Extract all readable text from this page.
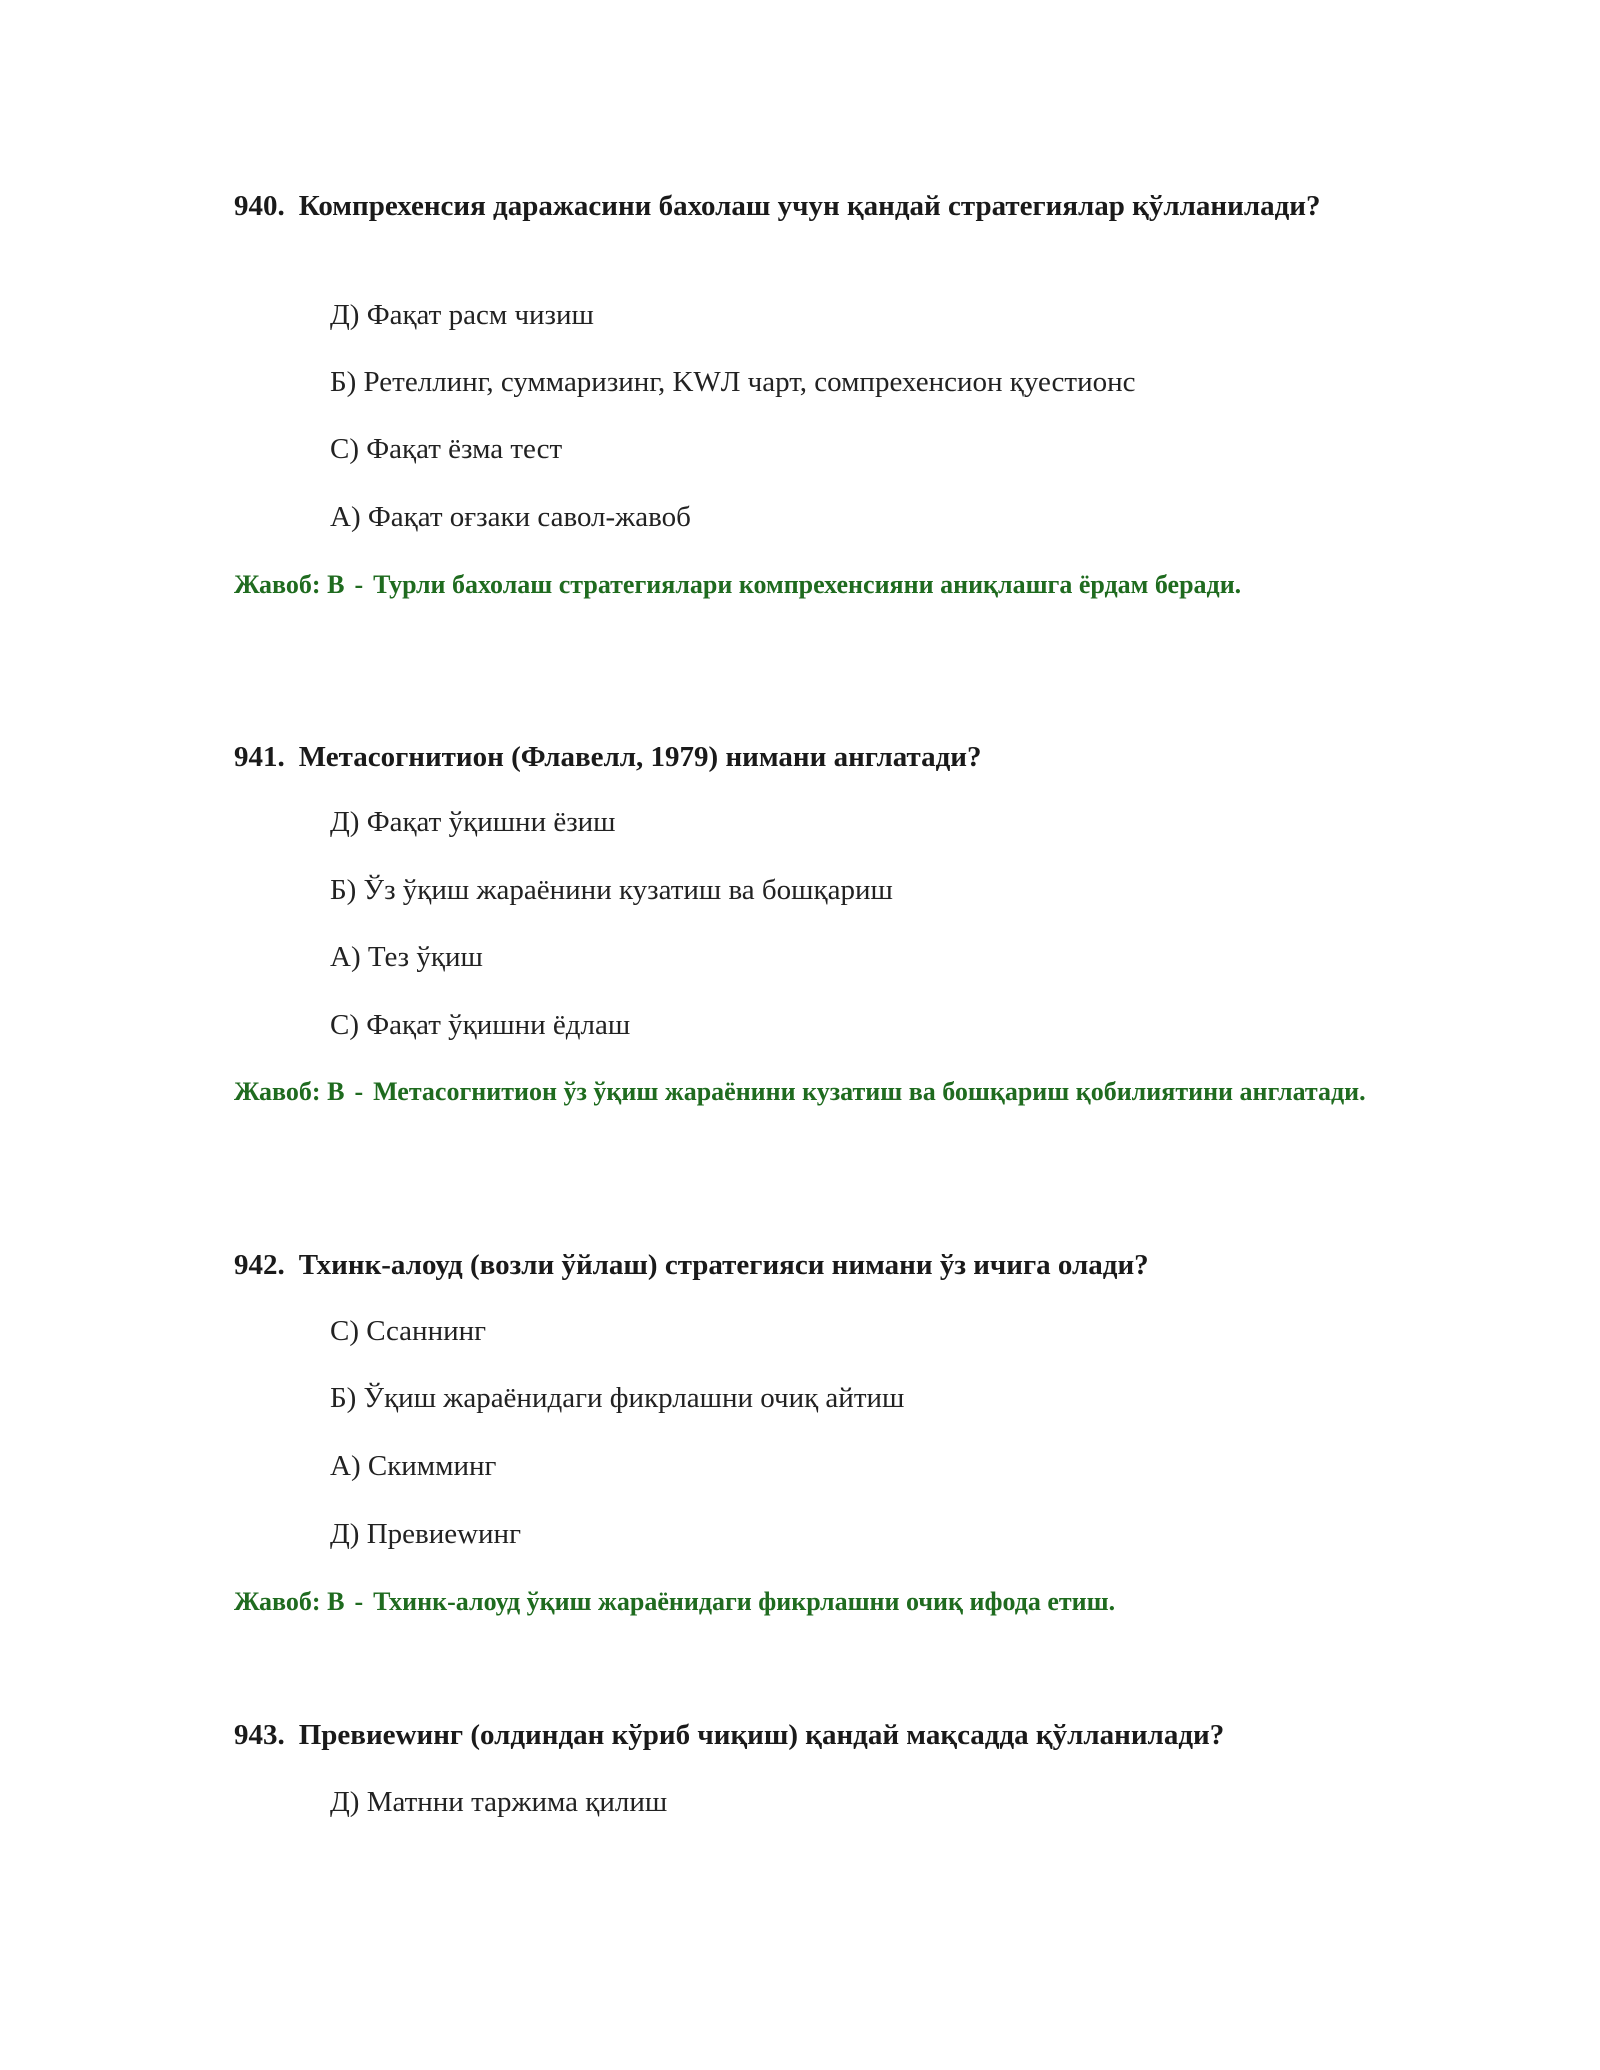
940. Компрехенсия даражасини бахолаш учун қандай стратегиялар қўлланилади?

Д) Фақат расм чизиш
Б) Ретеллинг, суммаризинг, KWЛ чарт, сомпрехенсион қуестионс
С) Фақат ёзма тест
А) Фақат оғзаки савол-жавоб
Жавоб: B - Турли бахолаш стратегиялари компрехенсияни аниқлашга ёрдам беради.

941. Метасогнитион (Флавелл, 1979) нимани англатади?

Д) Фақат ўқишни ёзиш
Б) Ўз ўқиш жараёнини кузатиш ва бошқариш
А) Тез ўқиш
С) Фақат ўқишни ёдлаш
Жавоб: B - Метасогнитион ўз ўқиш жараёнини кузатиш ва бошқариш қобилиятини англатади.

942. Тхинк-алоуд (возли ўйлаш) стратегияси нимани ўз ичига олади?

С) Ссаннинг
Б) Ўқиш жараёнидаги фикрлашни очиқ айтиш
А) Скимминг
Д) Превиеwинг
Жавоб: B - Тхинк-алоуд ўқиш жараёнидаги фикрлашни очиқ ифода етиш.

943. Превиеwинг (олдиндан кўриб чиқиш) қандай мақсадда қўлланилади?

Д) Матнни таржима қилиш
